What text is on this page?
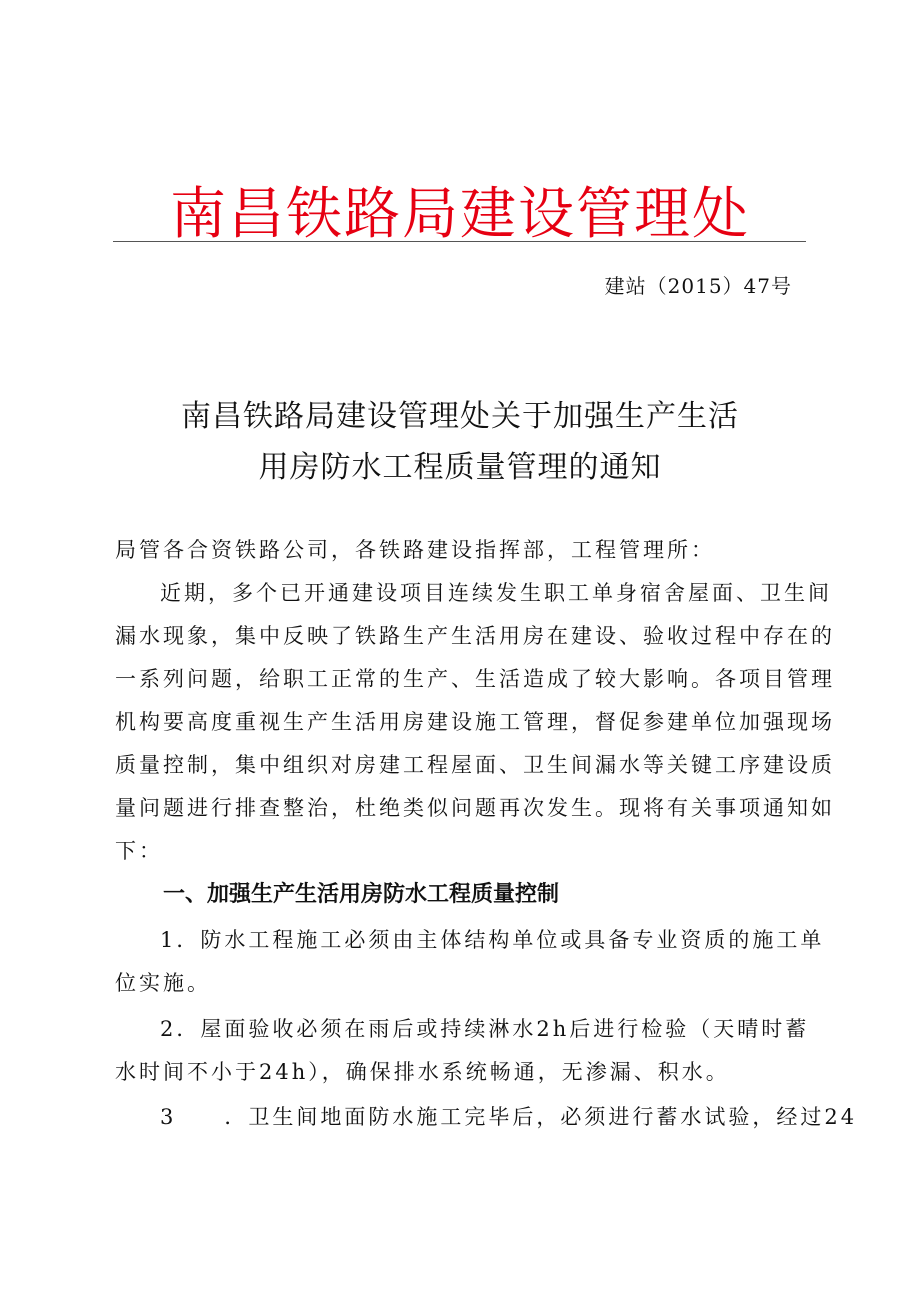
南昌铁路局建设管理处
建站（2015）47号
南昌铁路局建设管理处关于加强生产生活
用房防水工程质量管理的通知
局管各合资铁路公司，各铁路建设指挥部，工程管理所：
近期，多个已开通建设项目连续发生职工单身宿舍屋面、卫生间
漏水现象，集中反映了铁路生产生活用房在建设、验收过程中存在的
一系列问题，给职工正常的生产、生活造成了较大影响。各项目管理
机构要高度重视生产生活用房建设施工管理，督促参建单位加强现场
质量控制，集中组织对房建工程屋面、卫生间漏水等关键工序建设质
量问题进行排查整治，杜绝类似问题再次发生。现将有关事项通知如
下：
一、加强生产生活用房防水工程质量控制
1．防水工程施工必须由主体结构单位或具备专业资质的施工单
位实施。
2．屋面验收必须在雨后或持续淋水2h后进行检验（天晴时蓄
水时间不小于24h），确保排水系统畅通，无渗漏、积水。
3　　．卫生间地面防水施工完毕后，必须进行蓄水试验，经过24
